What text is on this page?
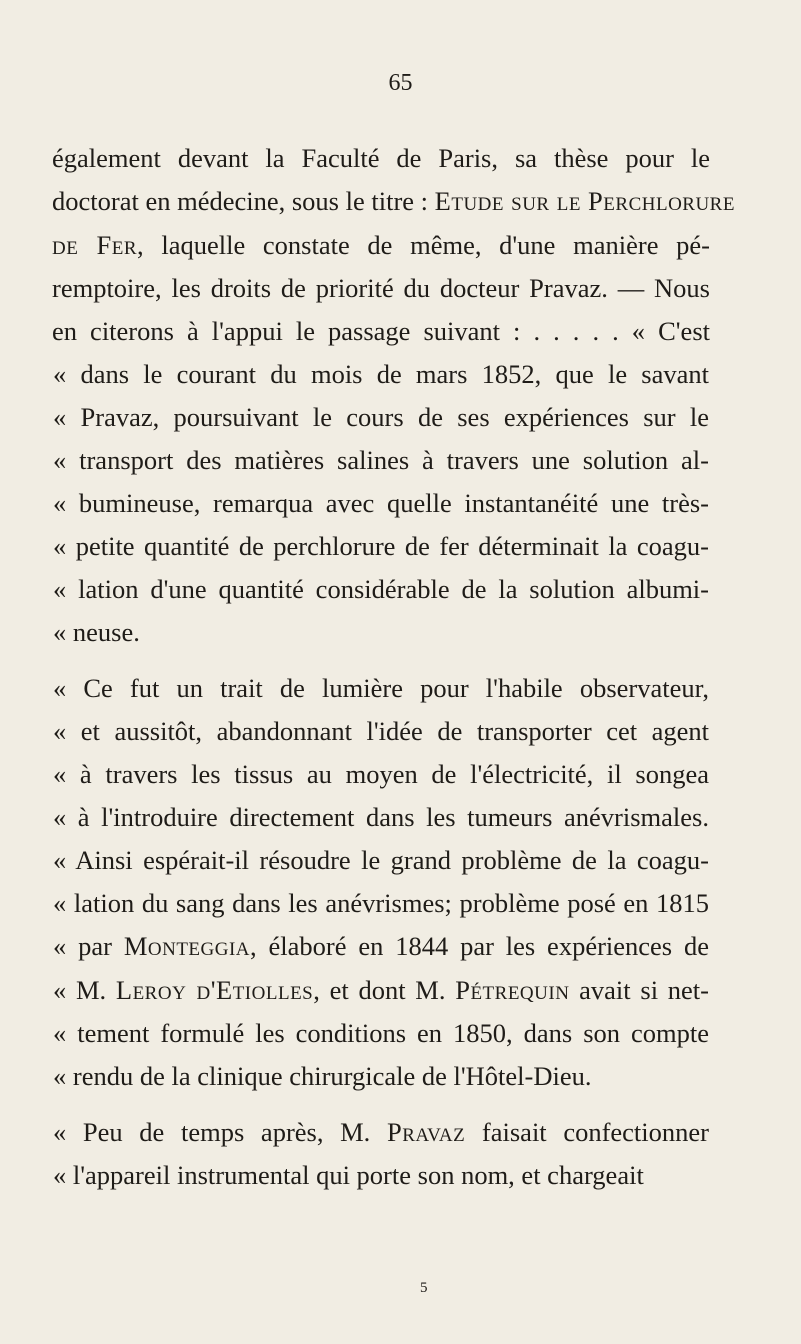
65
également devant la Faculté de Paris, sa thèse pour le
doctorat en médecine, sous le titre : Etude sur le Perchlorure
de Fer, laquelle constate de même, d'une manière pé-
remptoire, les droits de priorité du docteur Pravaz. — Nous
en citerons à l'appui le passage suivant : . . . . . « C'est
« dans le courant du mois de mars 1852, que le savant
« Pravaz, poursuivant le cours de ses expériences sur le
« transport des matières salines à travers une solution al-
« bumineuse, remarqua avec quelle instantanéité une très-
« petite quantité de perchlorure de fer déterminait la coagu-
« lation d'une quantité considérable de la solution albumi-
« neuse.
« Ce fut un trait de lumière pour l'habile observateur,
« et aussitôt, abandonnant l'idée de transporter cet agent
« à travers les tissus au moyen de l'électricité, il songea
« à l'introduire directement dans les tumeurs anévrismales.
« Ainsi espérait-il résoudre le grand problème de la coagu-
« lation du sang dans les anévrismes; problème posé en 1815
« par Monteggia, élaboré en 1844 par les expériences de
« M. Leroy d'Etiolles, et dont M. Pétrequin avait si net-
« tement formulé les conditions en 1850, dans son compte
« rendu de la clinique chirurgicale de l'Hôtel-Dieu.
« Peu de temps après, M. Pravaz faisait confectionner
« l'appareil instrumental qui porte son nom, et chargeait
5
